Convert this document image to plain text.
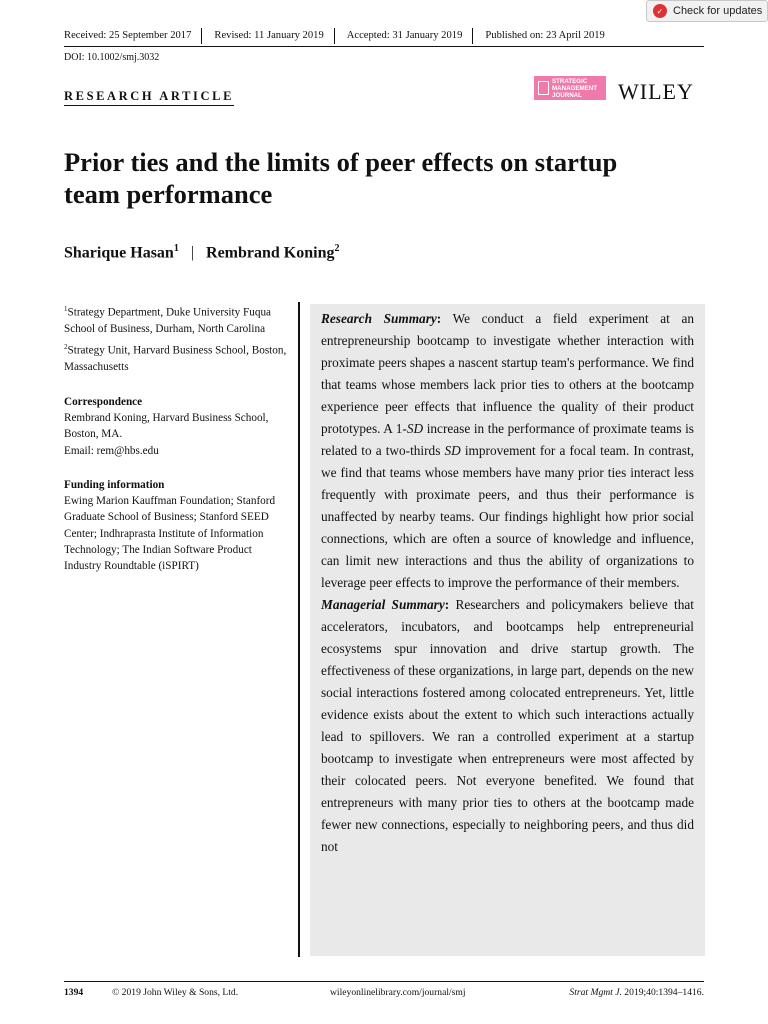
Received: 25 September 2017	Revised: 11 January 2019	Accepted: 31 January 2019	Published on: 23 April 2019
DOI: 10.1002/smj.3032
✓ Check for updates
RESEARCH ARTICLE
STRATEGIC MANAGEMENT JOURNAL	WILEY
Prior ties and the limits of peer effects on startup team performance
Sharique Hasan$^1$ | Rembrand Koning$^2$
$^1$Strategy Department, Duke University Fuqua School of Business, Durham, North Carolina
$^2$Strategy Unit, Harvard Business School, Boston, Massachusetts
Correspondence
Rembrand Koning, Harvard Business School, Boston, MA.
Email: rem@hbs.edu
Funding information
Ewing Marion Kauffman Foundation; Stanford Graduate School of Business; Stanford SEED Center; Indhraprasta Institute of Information Technology; The Indian Software Product Industry Roundtable (iSPIRT)

Research Summary: We conduct a field experiment at an entrepreneurship bootcamp to investigate whether interaction with proximate peers shapes a nascent startup team's performance. We find that teams whose members lack prior ties to others at the bootcamp experience peer effects that influence the quality of their product prototypes. A 1-SD increase in the performance of proximate teams is related to a two-thirds SD improvement for a focal team. In contrast, we find that teams whose members have many prior ties interact less frequently with proximate peers, and thus their performance is unaffected by nearby teams. Our findings highlight how prior social connections, which are often a source of knowledge and influence, can limit new interactions and thus the ability of organizations to leverage peer effects to improve the performance of their members.

Managerial Summary: Researchers and policymakers believe that accelerators, incubators, and bootcamps help entrepreneurial ecosystems spur innovation and drive startup growth. The effectiveness of these organizations, in large part, depends on the new social interactions fostered among colocated entrepreneurs. Yet, little evidence exists about the extent to which such interactions actually lead to spillovers. We ran a controlled experiment at a startup bootcamp to investigate when entrepreneurs were most affected by their colocated peers. Not everyone benefited. We found that entrepreneurs with many prior ties to others at the bootcamp made fewer new connections, especially to neighboring peers, and thus did not

1394	© 2019 John Wiley & Sons, Ltd.	wileyonlinelibrary.com/journal/smj	Strat Mgmt J. 2019;40:1394–1416.
